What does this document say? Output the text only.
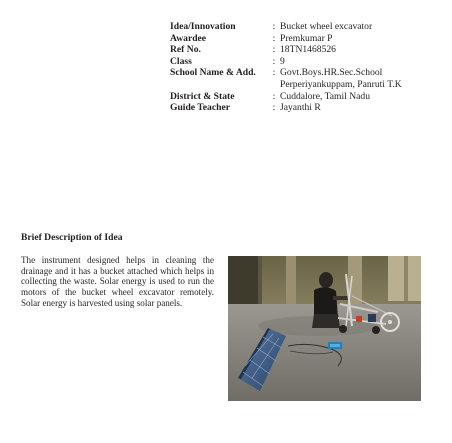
Idea/Innovation	: Bucket wheel excavator
Awardee	: Premkumar P
Ref No.	: 18TN1468526
Class	: 9
School Name & Add.	: Govt.Boys.HR.Sec.School
Perperiyankuppam, Panruti T.K
District & State	: Cuddalore, Tamil Nadu
Guide Teacher	: Jayanthi R
Brief Description of Idea
The instrument designed helps in cleaning the drainage and it has a bucket attached which helps in collecting the waste. Solar energy is used to run the motors of the bucket wheel excavator remotely. Solar energy is harvested using solar panels.
